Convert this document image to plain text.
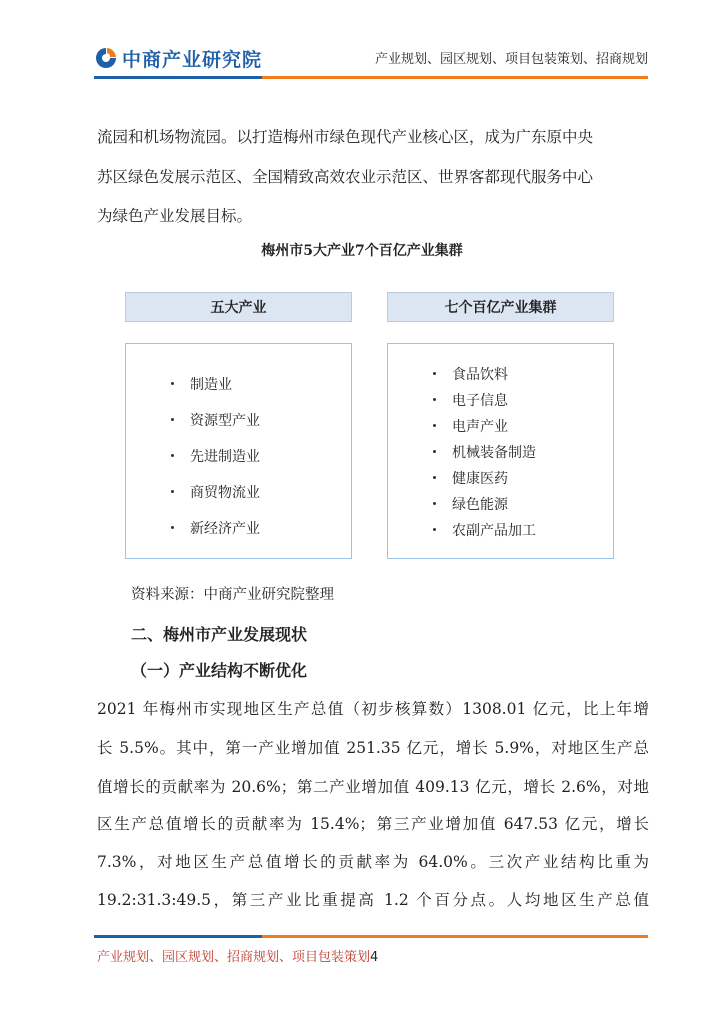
中商产业研究院	产业规划、园区规划、项目包装策划、招商规划
流园和机场物流园。以打造梅州市绿色现代产业核心区，成为广东原中央
苏区绿色发展示范区、全国精致高效农业示范区、世界客都现代服务中心
为绿色产业发展目标。
梅州市5大产业7个百亿产业集群
五大产业	七个百亿产业集群
制造业
资源型产业
先进制造业
商贸物流业
新经济产业
食品饮料
电子信息
电声产业
机械装备制造
健康医药
绿色能源
农副产品加工
资料来源：中商产业研究院整理
二、梅州市产业发展现状
（一）产业结构不断优化
2021 年梅州市实现地区生产总值（初步核算数）1308.01 亿元，比上年增
长 5.5%。其中，第一产业增加值 251.35 亿元，增长 5.9%，对地区生产总
值增长的贡献率为 20.6%；第二产业增加值 409.13 亿元，增长 2.6%，对地
区生产总值增长的贡献率为 15.4%；第三产业增加值 647.53 亿元，增长
7.3%，对地区生产总值增长的贡献率为 64.0%。三次产业结构比重为
19.2:31.3:49.5，第三产业比重提高 1.2 个百分点。人均地区生产总值
产业规划、园区规划、招商规划、项目包装策划4
